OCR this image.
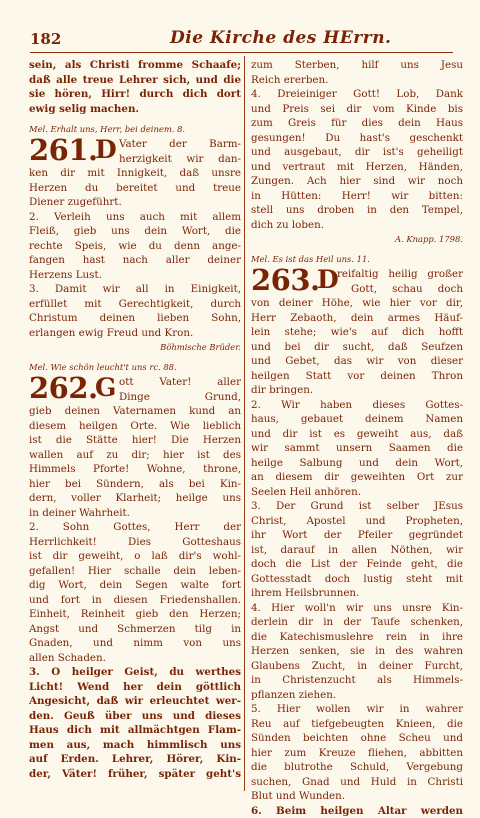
182	Die Kirche des HErrn.
sein, als Christi fromme Schaafe;
daß alle treue Lehrer sich, und die
sie hören, Hirr! durch dich dort
ewig selig machen.
Mel. Erhalt uns, Herr, bei deinem. 8.
261.
D Vater der Barm-
herzigkeit wir dan-
ken dir mit Innigkeit, daß unsre
Herzen du bereitet und treue
Diener zugeführt.
2. Verleih uns auch mit allem
Fleiß, gieb uns dein Wort, die
rechte Speis, wie du denn ange-
fangen hast nach aller deiner
Herzens Lust.
3. Damit wir all in Einigkeit,
erfüllet mit Gerechtigkeit, durch
Christum deinen lieben Sohn,
erlangen ewig Freud und Kron.
Böhmische Brüder.
Mel. Wie schön leucht't uns rc. 88.
262.
G ott Vater! aller
Dinge Grund,
gieb deinen Vaternamen kund an
diesem heilgen Orte. Wie lieblich
ist die Stätte hier! Die Herzen
wallen auf zu dir; hier ist des
Himmels Pforte! Wohne, throne,
hier bei Sündern, als bei Kin-
dern, voller Klarheit; heilge uns
in deiner Wahrheit.
2. Sohn Gottes, Herr der
Herrlichkeit! Dies Gotteshaus
ist dir geweiht, o laß dir's wohl-
gefallen! Hier schalle dein leben-
dig Wort, dein Segen walte fort
und fort in diesen Friedenshallen.
Einheit, Reinheit gieb den Herzen;
Angst und Schmerzen tilg in
Gnaden, und nimm von uns
allen Schaden.
3. O heilger Geist, du werthes
Licht! Wend her dein göttlich
Angesicht, daß wir erleuchtet wer-
den. Geuß über uns und dieses
Haus dich mit allmächtgen Flam-
men aus, mach himmlisch uns
auf Erden. Lehrer, Hörer, Kin-
der, Väter! früher, später geht's
zum Sterben, hilf uns Jesu
Reich ererben.
4. Dreieiniger Gott! Lob, Dank
und Preis sei dir vom Kinde bis
zum Greis für dies dein Haus
gesungen! Du hast's geschenkt
und ausgebaut, dir ist's geheiligt
und vertraut mit Herzen, Händen,
Zungen. Ach hier sind wir noch
in Hütten: Herr! wir bitten:
stell uns droben in den Tempel,
dich zu loben.
A. Knapp. 1798.
Mel. Es ist das Heil uns. 11.
263.
D
reifaltig heilig großer
Gott, schau doch
von deiner Höhe, wie hier vor dir,
Herr Zebaoth, dein armes Häuf-
lein stehe; wie's auf dich hofft
und bei dir sucht, daß Seufzen
und Gebet, das wir von dieser
heilgen Statt vor deinen Thron
dir bringen.
2. Wir haben dieses Gottes-
haus, gebauet deinem Namen
und dir ist es geweiht aus, daß
wir sammt unsern Saamen die
heilge Salbung und dein Wort,
an diesem dir geweihten Ort zur
Seelen Heil anhören.
3. Der Grund ist selber JEsus
Christ, Apostel und Propheten,
ihr Wort der Pfeiler gegründet
ist, darauf in allen Nöthen, wir
doch die List der Feinde geht, die
Gottesstadt doch lustig steht mit
ihrem Heilsbrunnen.
4. Hier woll'n wir uns unsre Kin-
derlein dir in der Taufe schenken,
die Katechismuslehre rein in ihre
Herzen senken, sie in des wahren
Glaubens Zucht, in deiner Furcht,
in Christenzucht als Himmels-
pflanzen ziehen.
5. Hier wollen wir in wahrer
Reu auf tiefgebeugten Knieen, die
Sünden beichten ohne Scheu und
hier zum Kreuze fliehen, abbitten
die blutrothe Schuld, Vergebung
suchen, Gnad und Huld in Christi
Blut und Wunden.
6. Beim heilgen Altar werden
